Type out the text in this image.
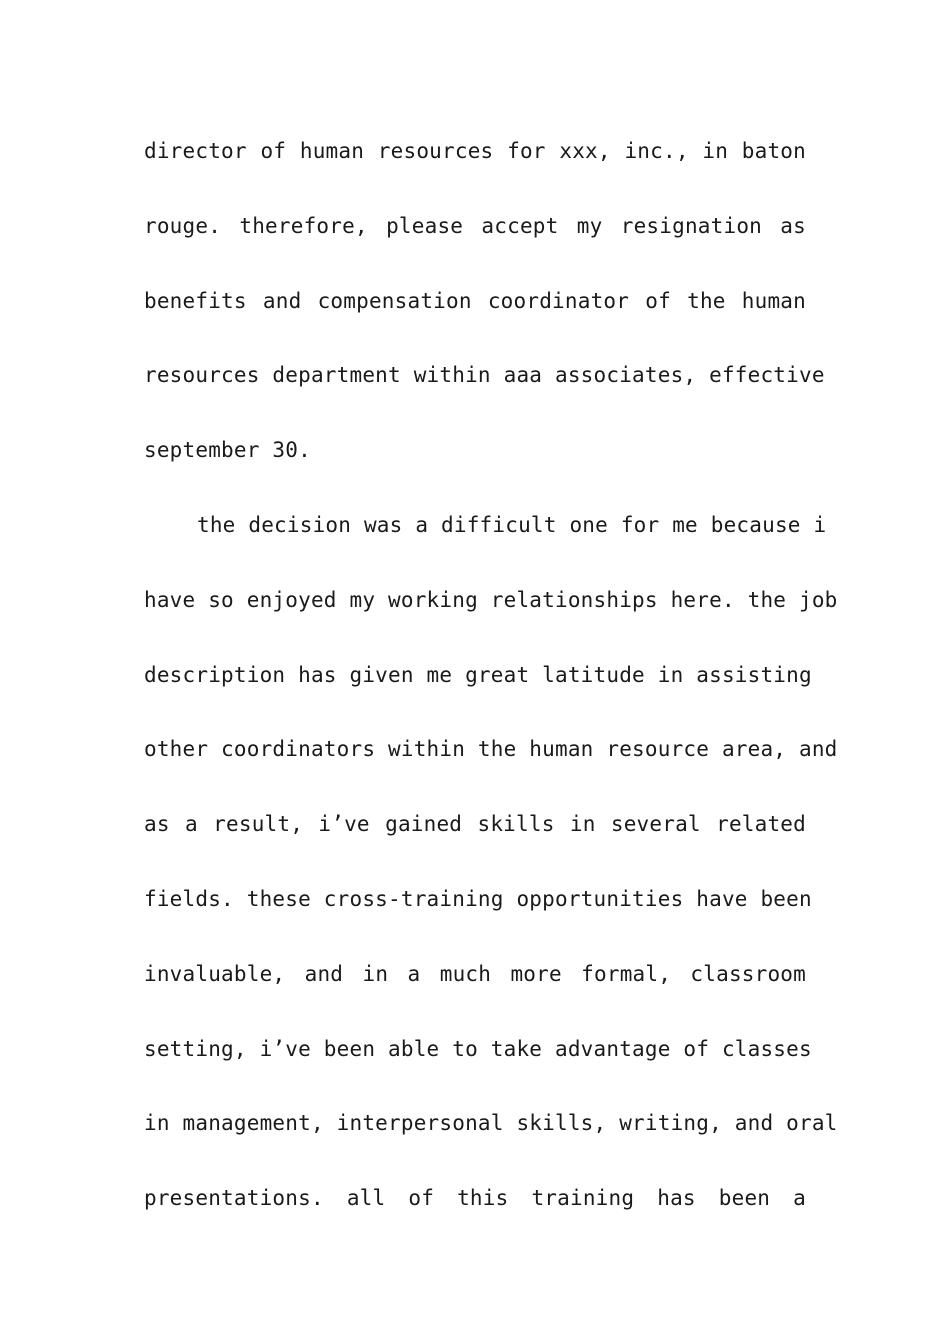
director of human resources for xxx, inc., in baton
rouge. therefore, please accept my resignation as
benefits and compensation coordinator of the human
resources department within aaa associates, effective
september 30.
the decision was a difficult one for me because i
have so enjoyed my working relationships here. the job
description has given me great latitude in assisting
other coordinators within the human resource area, and
as a result, i’ve gained skills in several related
fields. these cross-training opportunities have been
invaluable, and in a much more formal, classroom
setting, i’ve been able to take advantage of classes
in management, interpersonal skills, writing, and oral
presentations. all of this training has been a
